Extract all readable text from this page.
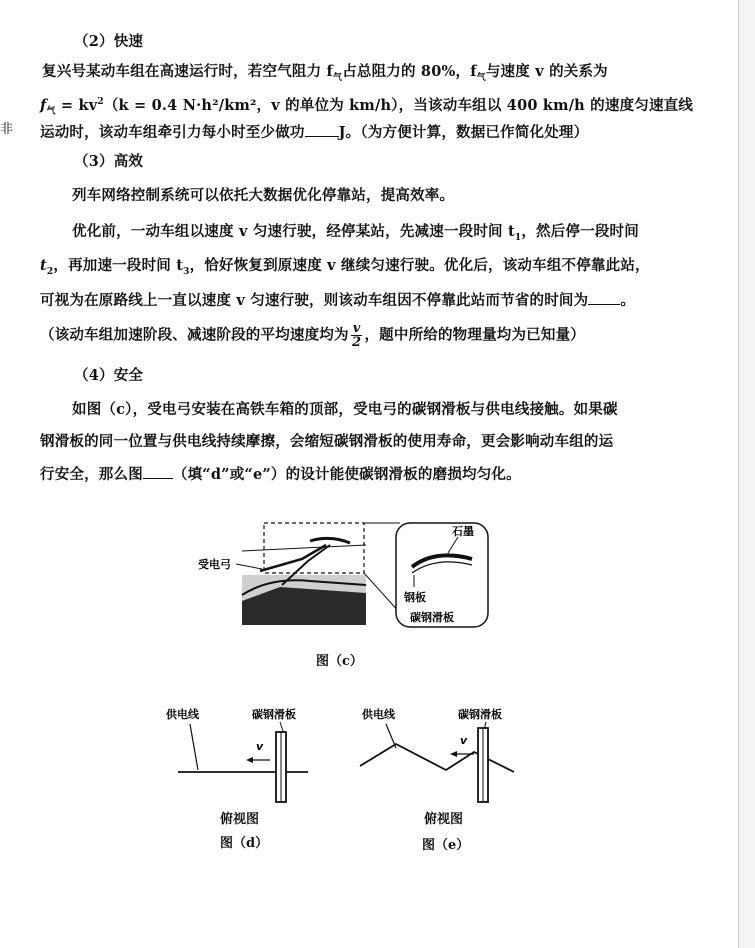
非
（2）快速
复兴号某动车组在高速运行时，若空气阻力 $f_气$占总阻力的 80%，$f_气$与速度 v 的关系为
$f_气 = kv^2(k = 0.4$ N·h²/km²，v 的单位为 km/h），当该动车组以 400 km/h 的速度匀速直线
运动时，该动车组牵引力每小时至少做功 J。（为方便计算，数据已作简化处理）
（3）高效
列车网络控制系统可以依托大数据优化停靠站，提高效率。
优化前，一动车组以速度 v 匀速行驶，经停某站，先减速一段时间 $t_1$，然后停一段时间
$t_2$，再加速一段时间 $t_3$，恰好恢复到原速度 v 继续匀速行驶。优化后，该动车组不停靠此站，
可视为在原路线上一直以速度 v 匀速行驶，则该动车组因不停靠此站而节省的时间为 。
（该动车组加速阶段、减速阶段的平均速度均为 $\frac{v}{2}$ ，题中所给的物理量均为已知量）
（4）安全
如图（c），受电弓安装在高铁车箱的顶部，受电弓的碳钢滑板与供电线接触。如果碳
钢滑板的同一位置与供电线持续摩擦，会缩短碳钢滑板的使用寿命，更会影响动车组的运
行安全，那么图 （填“d”或“e”）的设计能使碳钢滑板的磨损均匀化。
受电弓
石墨
钢板
碳钢滑板
图（c）
供电线	碳钢滑板
v
俯视图
图（d）
供电线	碳钢滑板
v
俯视图
图（e）
